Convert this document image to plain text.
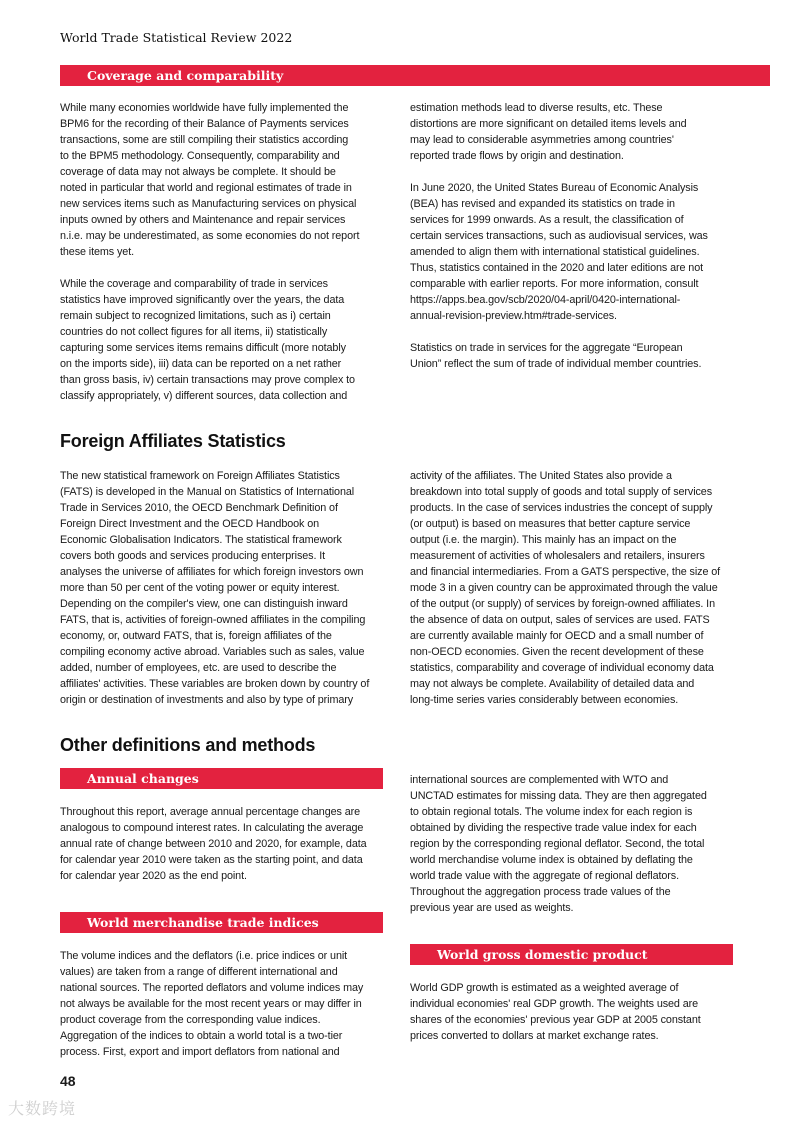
World Trade Statistical Review 2022
Coverage and comparability
While many economies worldwide have fully implemented the
BPM6 for the recording of their Balance of Payments services
transactions, some are still compiling their statistics according
to the BPM5 methodology. Consequently, comparability and
coverage of data may not always be complete. It should be
noted in particular that world and regional estimates of trade in
new services items such as Manufacturing services on physical
inputs owned by others and Maintenance and repair services
n.i.e. may be underestimated, as some economies do not report
these items yet.
While the coverage and comparability of trade in services
statistics have improved significantly over the years, the data
remain subject to recognized limitations, such as i) certain
countries do not collect figures for all items, ii) statistically
capturing some services items remains difficult (more notably
on the imports side), iii) data can be reported on a net rather
than gross basis, iv) certain transactions may prove complex to
classify appropriately, v) different sources, data collection and
estimation methods lead to diverse results, etc. These
distortions are more significant on detailed items levels and
may lead to considerable asymmetries among countries'
reported trade flows by origin and destination.
In June 2020, the United States Bureau of Economic Analysis
(BEA) has revised and expanded its statistics on trade in
services for 1999 onwards. As a result, the classification of
certain services transactions, such as audiovisual services, was
amended to align them with international statistical guidelines.
Thus, statistics contained in the 2020 and later editions are not
comparable with earlier reports. For more information, consult
https://apps.bea.gov/scb/2020/04-april/0420-international-
annual-revision-preview.htm#trade-services.
Statistics on trade in services for the aggregate “European
Union” reflect the sum of trade of individual member countries.
Foreign Affiliates Statistics
The new statistical framework on Foreign Affiliates Statistics
(FATS) is developed in the Manual on Statistics of International
Trade in Services 2010, the OECD Benchmark Definition of
Foreign Direct Investment and the OECD Handbook on
Economic Globalisation Indicators. The statistical framework
covers both goods and services producing enterprises. It
analyses the universe of affiliates for which foreign investors own
more than 50 per cent of the voting power or equity interest.
Depending on the compiler's view, one can distinguish inward
FATS, that is, activities of foreign-owned affiliates in the compiling
economy, or, outward FATS, that is, foreign affiliates of the
compiling economy active abroad. Variables such as sales, value
added, number of employees, etc. are used to describe the
affiliates' activities. These variables are broken down by country of
origin or destination of investments and also by type of primary
activity of the affiliates. The United States also provide a
breakdown into total supply of goods and total supply of services
products. In the case of services industries the concept of supply
(or output) is based on measures that better capture service
output (i.e. the margin). This mainly has an impact on the
measurement of activities of wholesalers and retailers, insurers
and financial intermediaries. From a GATS perspective, the size of
mode 3 in a given country can be approximated through the value
of the output (or supply) of services by foreign-owned affiliates. In
the absence of data on output, sales of services are used. FATS
are currently available mainly for OECD and a small number of
non-OECD economies. Given the recent development of these
statistics, comparability and coverage of individual economy data
may not always be complete. Availability of detailed data and
long-time series varies considerably between economies.
Other definitions and methods
Annual changes
Throughout this report, average annual percentage changes are
analogous to compound interest rates. In calculating the average
annual rate of change between 2010 and 2020, for example, data
for calendar year 2010 were taken as the starting point, and data
for calendar year 2020 as the end point.
World merchandise trade indices
The volume indices and the deflators (i.e. price indices or unit
values) are taken from a range of different international and
national sources. The reported deflators and volume indices may
not always be available for the most recent years or may differ in
product coverage from the corresponding value indices.
Aggregation of the indices to obtain a world total is a two-tier
process. First, export and import deflators from national and
international sources are complemented with WTO and
UNCTAD estimates for missing data. They are then aggregated
to obtain regional totals. The volume index for each region is
obtained by dividing the respective trade value index for each
region by the corresponding regional deflator. Second, the total
world merchandise volume index is obtained by deflating the
world trade value with the aggregate of regional deflators.
Throughout the aggregation process trade values of the
previous year are used as weights.
World gross domestic product
World GDP growth is estimated as a weighted average of
individual economies' real GDP growth. The weights used are
shares of the economies' previous year GDP at 2005 constant
prices converted to dollars at market exchange rates.
48
大数跨境
